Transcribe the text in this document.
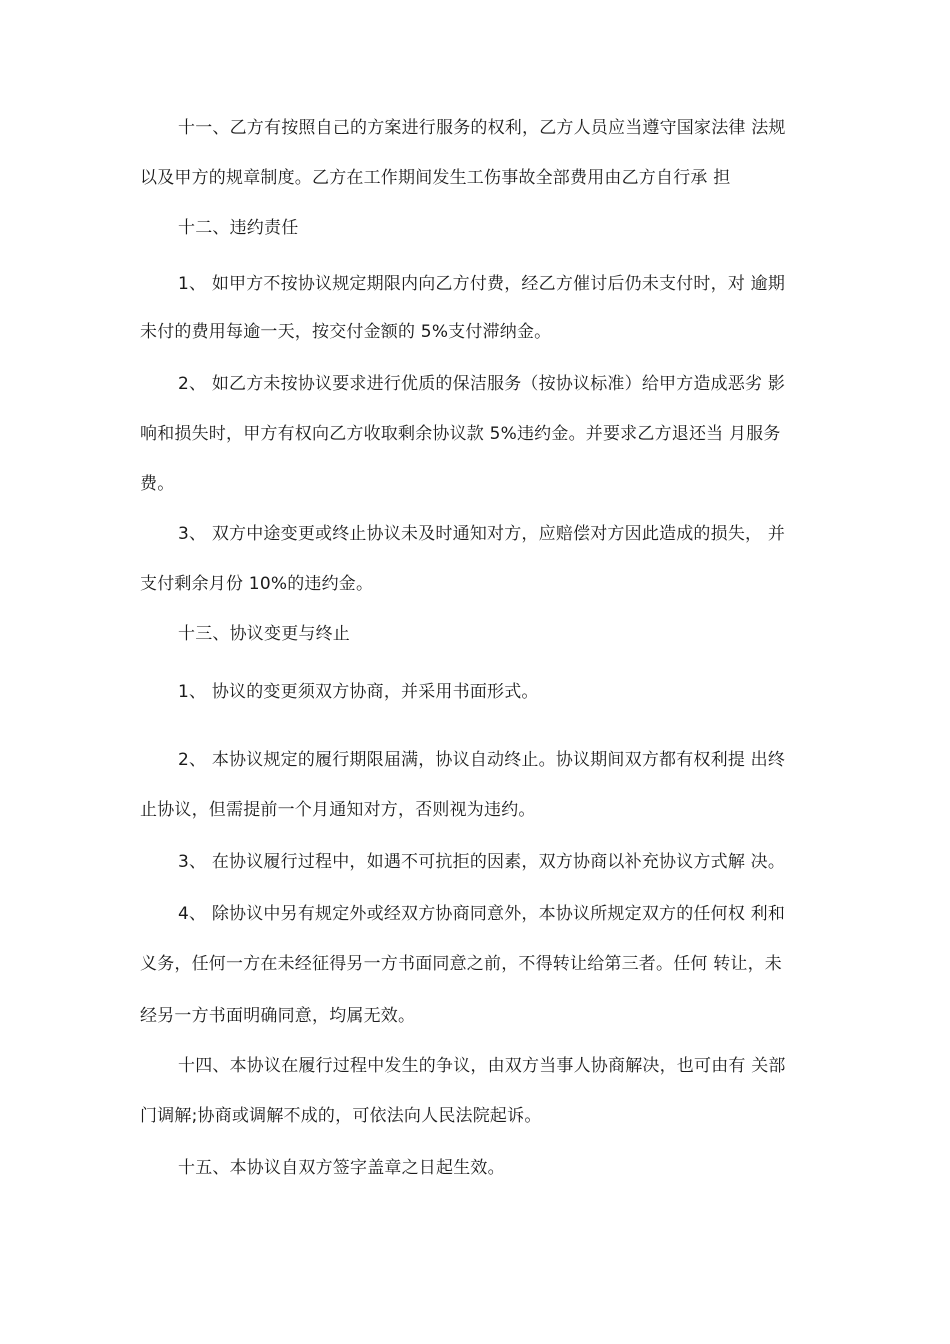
十一、乙方有按照自己的方案进行服务的权利，乙方人员应当遵守国家法律 法规
以及甲方的规章制度。乙方在工作期间发生工伤事故全部费用由乙方自行承 担
十二、违约责任
1、 如甲方不按协议规定期限内向乙方付费，经乙方催讨后仍未支付时，对 逾期
未付的费用每逾一天，按交付金额的 5%支付滞纳金。
2、 如乙方未按协议要求进行优质的保洁服务（按协议标准）给甲方造成恶劣 影
响和损失时，甲方有权向乙方收取剩余协议款 5%违约金。并要求乙方退还当 月服务
费。
3、 双方中途变更或终止协议未及时通知对方，应赔偿对方因此造成的损失， 并
支付剩余月份 10%的违约金。
十三、协议变更与终止
1、 协议的变更须双方协商，并采用书面形式。
2、 本协议规定的履行期限届满，协议自动终止。协议期间双方都有权利提 出终
止协议，但需提前一个月通知对方，否则视为违约。
3、 在协议履行过程中，如遇不可抗拒的因素，双方协商以补充协议方式解 决。
4、 除协议中另有规定外或经双方协商同意外，本协议所规定双方的任何权 利和
义务，任何一方在未经征得另一方书面同意之前，不得转让给第三者。任何 转让，未
经另一方书面明确同意，均属无效。
十四、本协议在履行过程中发生的争议，由双方当事人协商解决，也可由有 关部
门调解;协商或调解不成的，可依法向人民法院起诉。
十五、本协议自双方签字盖章之日起生效。
